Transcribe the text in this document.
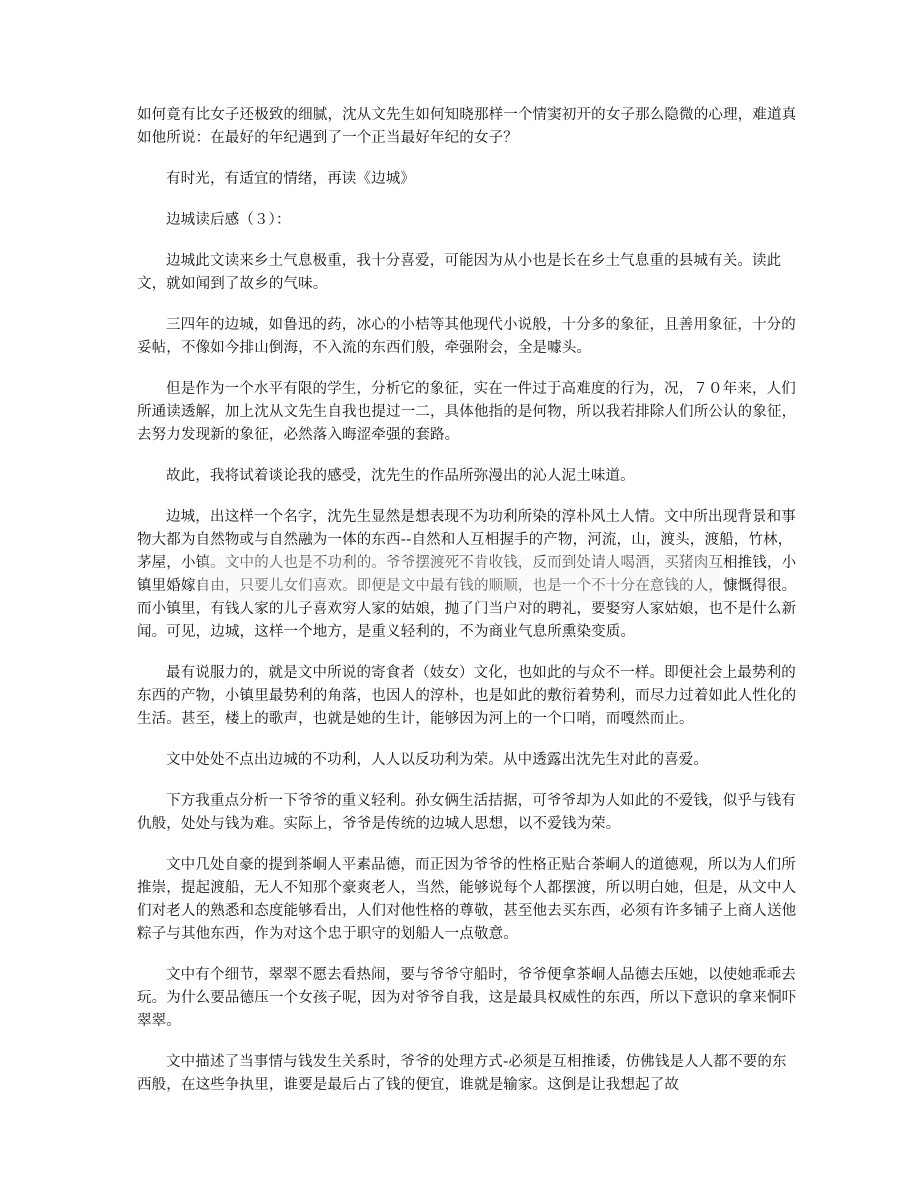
如何竟有比女子还极致的细腻，沈从文先生如何知晓那样一个情窦初开的女子那么隐微的心理，难道真如他所说：在最好的年纪遇到了一个正当最好年纪的女子？

有时光，有适宜的情绪，再读《边城》

边城读后感（３）：

边城此文读来乡土气息极重，我十分喜爱，可能因为从小也是长在乡土气息重的县城有关。读此文，就如闻到了故乡的气味。

三四年的边城，如鲁迅的药，冰心的小桔等其他现代小说般，十分多的象征，且善用象征，十分的妥帖，不像如今排山倒海，不入流的东西们般，牵强附会，全是噱头。

但是作为一个水平有限的学生，分析它的象征，实在一件过于高难度的行为，况，７０年来，人们所通读透解，加上沈从文先生自我也提过一二，具体他指的是何物，所以我若排除人们所公认的象征，去努力发现新的象征，必然落入晦涩牵强的套路。

故此，我将试着谈论我的感受，沈先生的作品所弥漫出的沁人泥土味道。

边城，出这样一个名字，沈先生显然是想表现不为功利所染的淳朴风土人情。文中所出现背景和事物大都为自然物或与自然融为一体的东西--自然和人互相握手的产物，河流，山，渡头，渡船，竹林，茅屋，小镇。文中的人也是不功利的。爷爷摆渡死不肯收钱，反而到处请人喝酒，买猪肉互相推钱，小镇里婚嫁自由，只要儿女们喜欢。即便是文中最有钱的顺顺，也是一个不十分在意钱的人，慷慨得很。而小镇里，有钱人家的儿子喜欢穷人家的姑娘，抛了门当户对的聘礼，要娶穷人家姑娘，也不是什么新闻。可见，边城，这样一个地方，是重义轻利的，不为商业气息所熏染变质。

最有说服力的，就是文中所说的寄食者（妓女）文化，也如此的与众不一样。即便社会上最势利的东西的产物，小镇里最势利的角落，也因人的淳朴，也是如此的敷衍着势利，而尽力过着如此人性化的生活。甚至，楼上的歌声，也就是她的生计，能够因为河上的一个口哨，而嘎然而止。

文中处处不点出边城的不功利，人人以反功利为荣。从中透露出沈先生对此的喜爱。

下方我重点分析一下爷爷的重义轻利。孙女俩生活拮据，可爷爷却为人如此的不爱钱，似乎与钱有仇般，处处与钱为难。实际上，爷爷是传统的边城人思想，以不爱钱为荣。

文中几处自豪的提到茶峒人平素品德，而正因为爷爷的性格正贴合茶峒人的道德观，所以为人们所推崇，提起渡船，无人不知那个豪爽老人，当然，能够说每个人都摆渡，所以明白她，但是，从文中人们对老人的熟悉和态度能够看出，人们对他性格的尊敬，甚至他去买东西，必须有许多铺子上商人送他粽子与其他东西，作为对这个忠于职守的划船人一点敬意。

文中有个细节，翠翠不愿去看热闹，要与爷爷守船时，爷爷便拿茶峒人品德去压她，以使她乖乖去玩。为什么要品德压一个女孩子呢，因为对爷爷自我，这是最具权威性的东西，所以下意识的拿来恫吓翠翠。

文中描述了当事情与钱发生关系时，爷爷的处理方式-必须是互相推诿，仿佛钱是人人都不要的东西般，在这些争执里，谁要是最后占了钱的便宜，谁就是输家。这倒是让我想起了故
